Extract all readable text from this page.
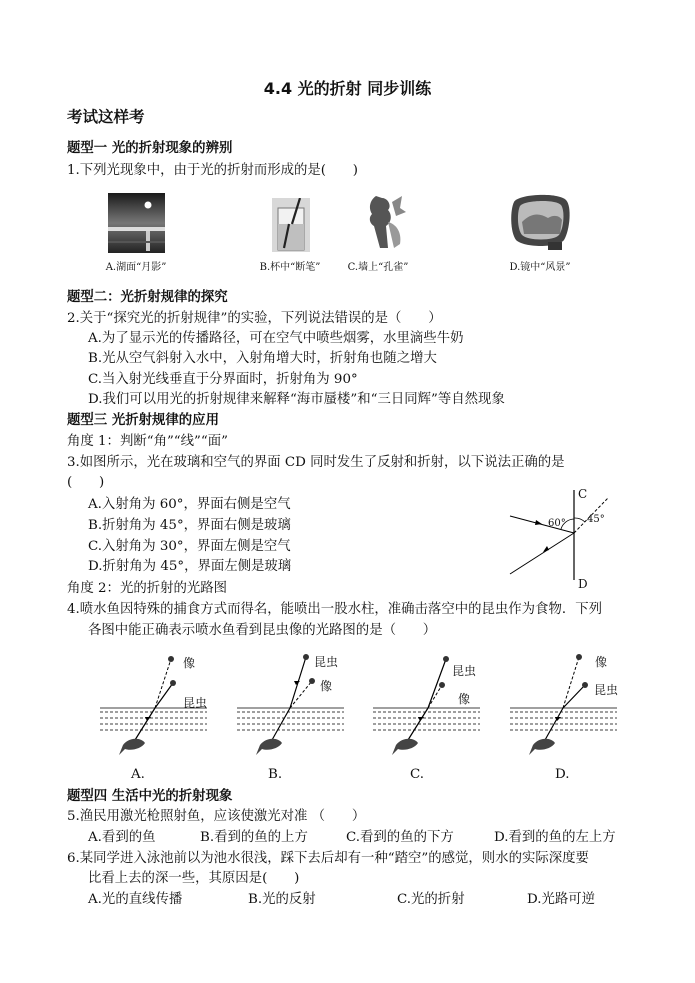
4.4 光的折射 同步训练
考试这样考
题型一 光的折射现象的辨别
1.下列光现象中，由于光的折射而形成的是(　　)
A.湖面“月影”	B.杯中“断笔”	C.墙上“孔雀”	D.镜中“风景”
题型二：光折射规律的探究
2.关于“探究光的折射规律”的实验，下列说法错误的是（　　）
A.为了显示光的传播路径，可在空气中喷些烟雾，水里滴些牛奶
B.光从空气斜射入水中，入射角增大时，折射角也随之增大
C.当入射光线垂直于分界面时，折射角为 90°
D.我们可以用光的折射规律来解释“海市蜃楼”和“三日同辉”等自然现象
题型三 光折射规律的应用
角度 1：判断“角”“线”“面”
3.如图所示，光在玻璃和空气的界面 CD 同时发生了反射和折射，以下说法正确的是
(　　)
A.入射角为 60°，界面右侧是空气
B.折射角为 45°，界面右侧是玻璃
C.入射角为 30°，界面左侧是空气
D.折射角为 45°，界面左侧是玻璃
C
D
60° 45°
角度 2：光的折射的光路图
4.喷水鱼因特殊的捕食方式而得名，能喷出一股水柱，准确击落空中的昆虫作为食物．下列
各图中能正确表示喷水鱼看到昆虫像的光路图的是（　　）
像
昆虫
A.
昆虫
像
B.
昆虫
像
C.
像
昆虫
D.
题型四 生活中光的折射现象
5.渔民用激光枪照射鱼，应该使激光对准 （　　）
A.看到的鱼	B.看到的鱼的上方	C.看到的鱼的下方	D.看到的鱼的左上方
6.某同学进入泳池前以为池水很浅，踩下去后却有一种“踏空”的感觉，则水的实际深度要
比看上去的深一些，其原因是(　　)
A.光的直线传播	B.光的反射	C.光的折射	D.光路可逆
